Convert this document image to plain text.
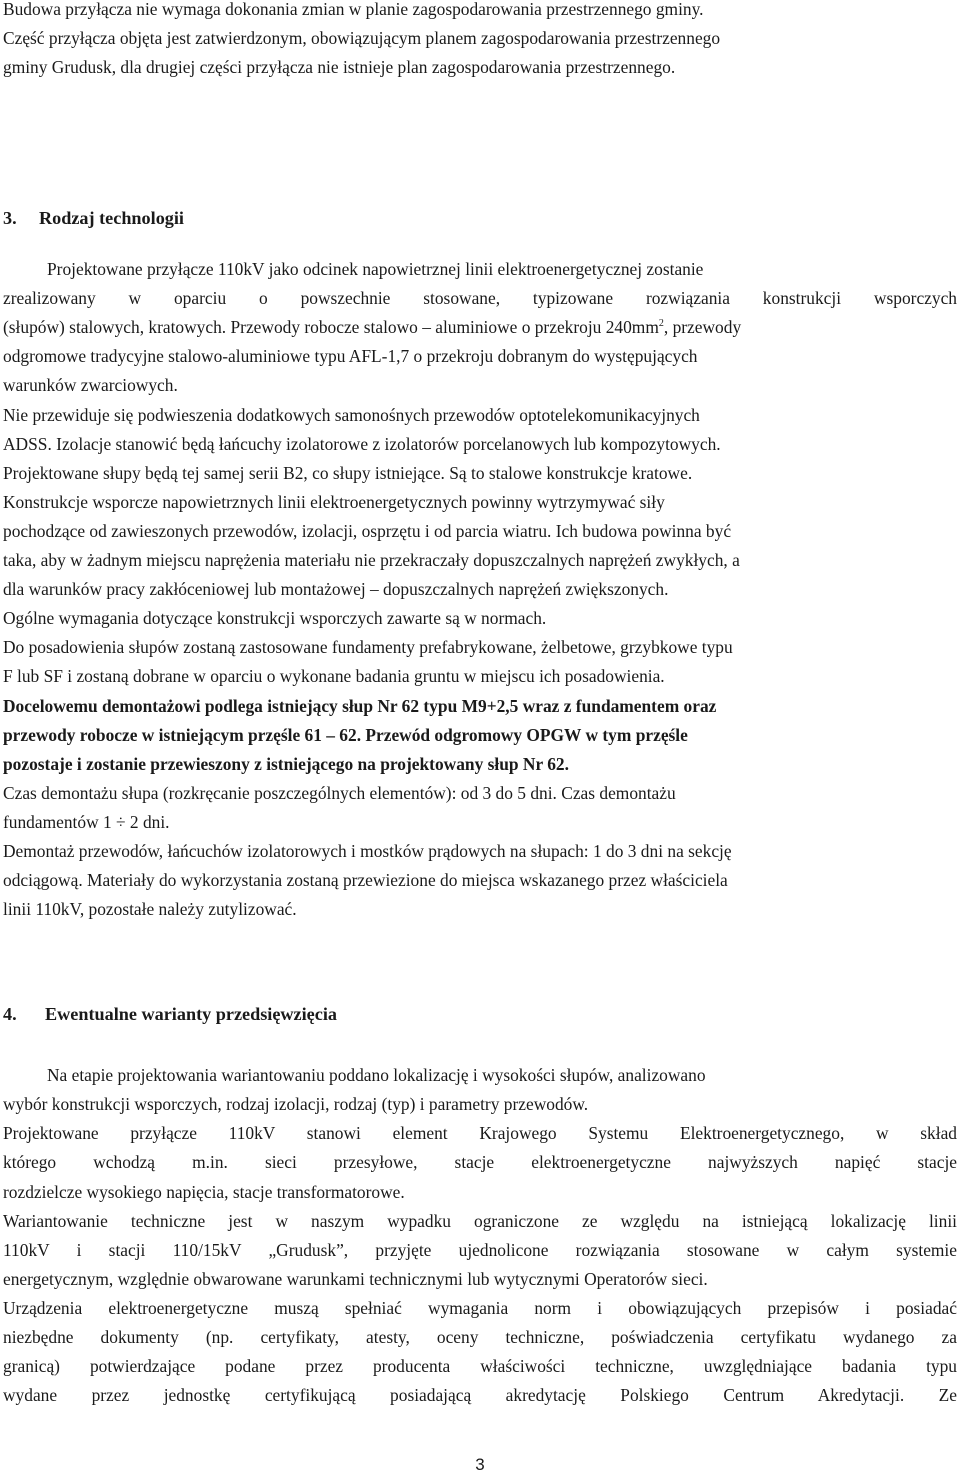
Budowa przyłącza nie wymaga dokonania zmian w planie zagospodarowania przestrzennego gminy.
Część przyłącza objęta jest zatwierdzonym, obowiązującym planem zagospodarowania przestrzennego
gminy Grudusk, dla drugiej części przyłącza nie istnieje plan zagospodarowania przestrzennego.
3. Rodzaj technologii
Projektowane przyłącze 110kV jako odcinek napowietrznej linii elektroenergetycznej zostanie
zrealizowany w oparciu o powszechnie stosowane, typizowane rozwiązania konstrukcji wsporczych
(słupów) stalowych, kratowych. Przewody robocze stalowo – aluminiowe o przekroju $240mm^2$, przewody
odgromowe tradycyjne stalowo-aluminiowe typu AFL-1,7 o przekroju dobranym do występujących
warunków zwarciowych.
Nie przewiduje się podwieszenia dodatkowych samonośnych przewodów optotelekomunikacyjnych
ADSS. Izolacje stanowić będą łańcuchy izolatorowe z izolatorów porcelanowych lub kompozytowych.
Projektowane słupy będą tej samej serii B2, co słupy istniejące. Są to stalowe konstrukcje kratowe.
Konstrukcje wsporcze napowietrznych linii elektroenergetycznych powinny wytrzymywać siły
pochodzące od zawieszonych przewodów, izolacji, osprzętu i od parcia wiatru. Ich budowa powinna być
taka, aby w żadnym miejscu naprężenia materiału nie przekraczały dopuszczalnych naprężeń zwykłych, a
dla warunków pracy zakłóceniowej lub montażowej – dopuszczalnych naprężeń zwiększonych.
Ogólne wymagania dotyczące konstrukcji wsporczych zawarte są w normach.
Do posadowienia słupów zostaną zastosowane fundamenty prefabrykowane, żelbetowe, grzybkowe typu
F lub SF i zostaną dobrane w oparciu o wykonane badania gruntu w miejscu ich posadowienia.
Docelowemu demontażowi podlega istniejący słup Nr 62 typu M9+2,5 wraz z fundamentem oraz
przewody robocze w istniejącym przęśle 61 – 62. Przewód odgromowy OPGW w tym przęśle
pozostaje i zostanie przewieszony z istniejącego na projektowany słup Nr 62.
Czas demontażu słupa (rozkręcanie poszczególnych elementów): od 3 do 5 dni. Czas demontażu
fundamentów 1 ÷ 2 dni.
Demontaż przewodów, łańcuchów izolatorowych i mostków prądowych na słupach: 1 do 3 dni na sekcję
odciągową. Materiały do wykorzystania zostaną przewiezione do miejsca wskazanego przez właściciela
linii 110kV, pozostałe należy zutylizować.
4. Ewentualne warianty przedsięwzięcia
Na etapie projektowania wariantowaniu poddano lokalizację i wysokości słupów, analizowano
wybór konstrukcji wsporczych, rodzaj izolacji, rodzaj (typ) i parametry przewodów.
Projektowane przyłącze 110kV stanowi element Krajowego Systemu Elektroenergetycznego, w skład
którego wchodzą m.in. sieci przesyłowe, stacje elektroenergetyczne najwyższych napięć stacje
rozdzielcze wysokiego napięcia, stacje transformatorowe.
Wariantowanie techniczne jest w naszym wypadku ograniczone ze względu na istniejącą lokalizację linii
110kV i stacji 110/15kV „Grudusk”, przyjęte ujednolicone rozwiązania stosowane w całym systemie
energetycznym, względnie obwarowane warunkami technicznymi lub wytycznymi Operatorów sieci.
Urządzenia elektroenergetyczne muszą spełniać wymagania norm i obowiązujących przepisów i posiadać
niezbędne dokumenty (np. certyfikaty, atesty, oceny techniczne, poświadczenia certyfikatu wydanego za
granicą) potwierdzające podane przez producenta właściwości techniczne, uwzględniające badania typu
wydane przez jednostkę certyfikującą posiadającą akredytację Polskiego Centrum Akredytacji. Ze
3
